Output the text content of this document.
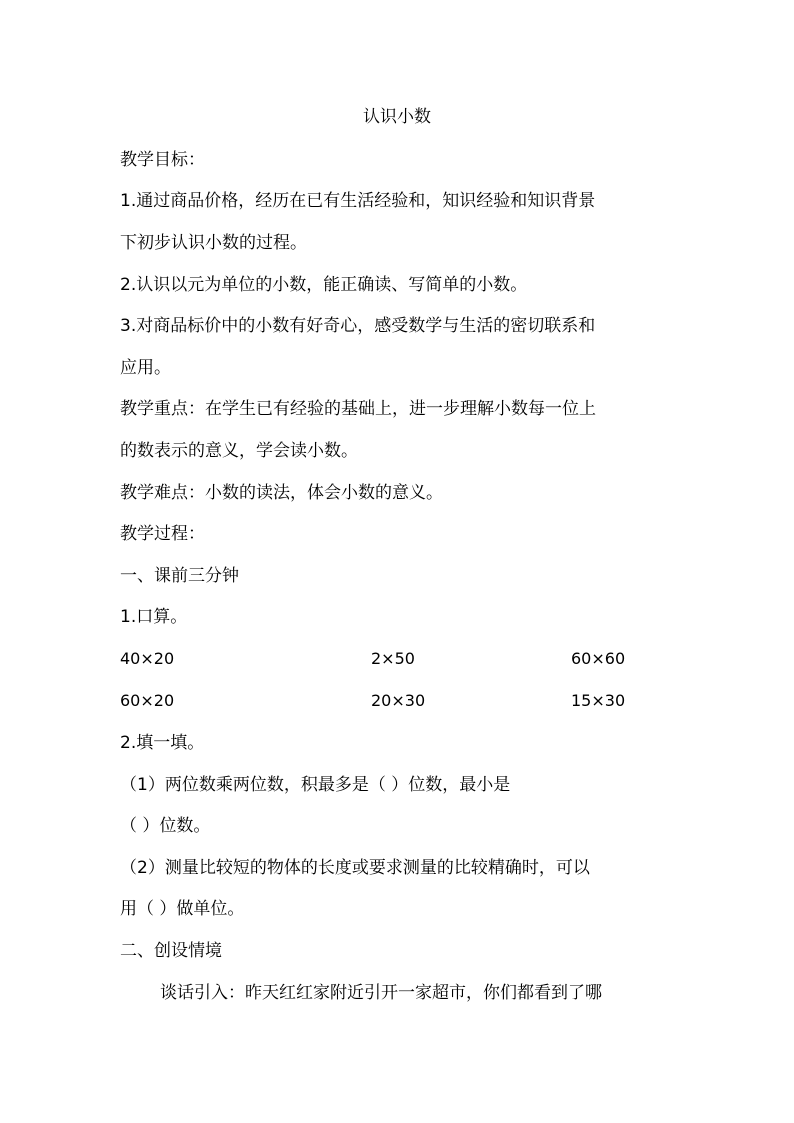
认识小数
教学目标：
1.通过商品价格，经历在已有生活经验和，知识经验和知识背景
下初步认识小数的过程。
2.认识以元为单位的小数，能正确读、写简单的小数。
3.对商品标价中的小数有好奇心，感受数学与生活的密切联系和
应用。
教学重点：在学生已有经验的基础上，进一步理解小数每一位上
的数表示的意义，学会读小数。
教学难点：小数的读法，体会小数的意义。
教学过程：
一、课前三分钟
1.口算。
40×20	2×50	60×60
60×20	20×30	15×30
2.填一填。
（1）两位数乘两位数，积最多是（ ）位数，最小是
（ ）位数。
（2）测量比较短的物体的长度或要求测量的比较精确时，可以
用（ ）做单位。
二、创设情境
谈话引入：昨天红红家附近引开一家超市，你们都看到了哪
